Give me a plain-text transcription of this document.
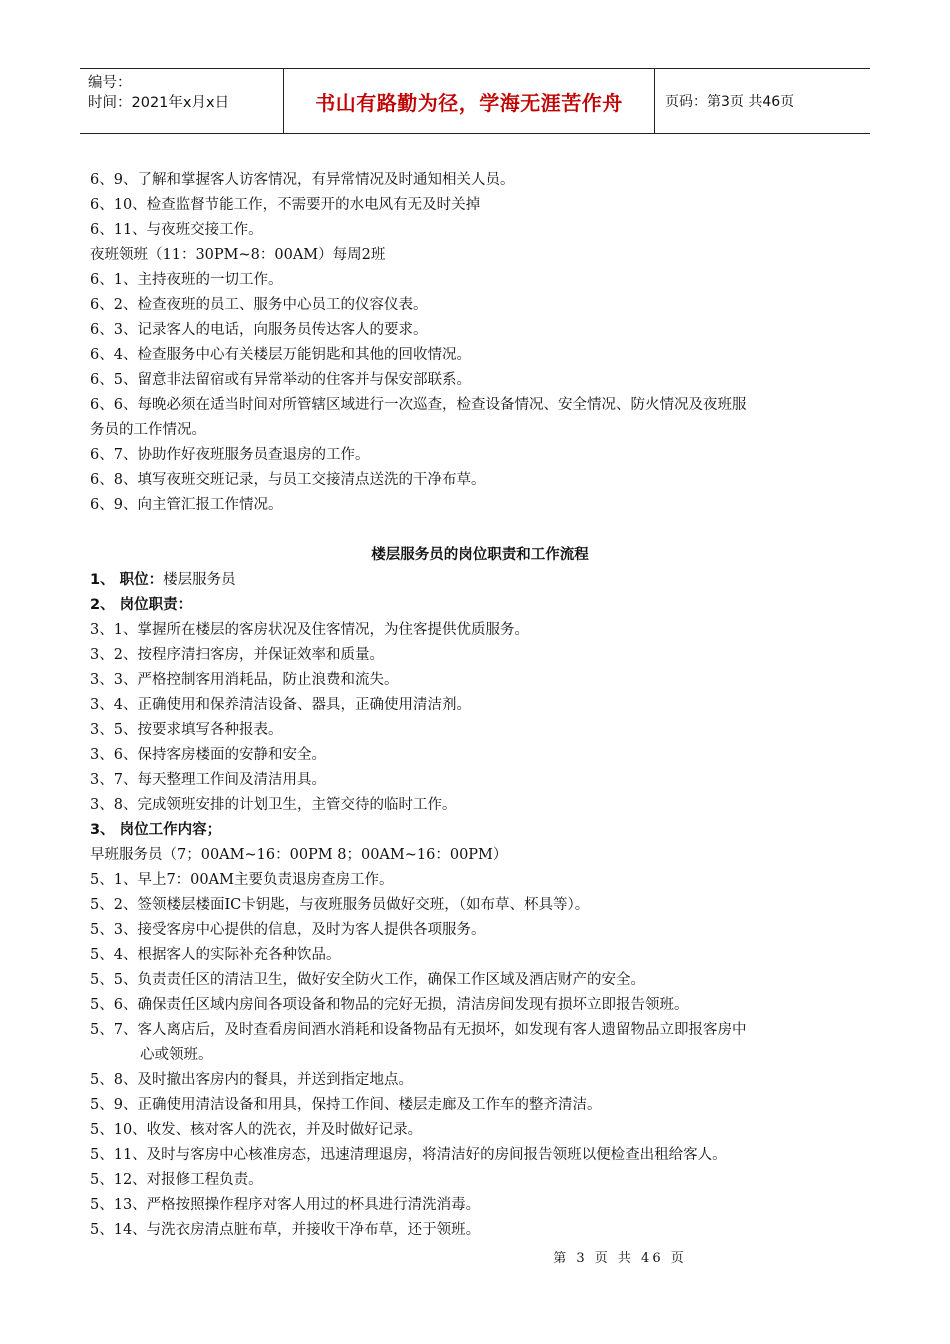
编号：
时间：2021年x月x日	书山有路勤为径，学海无涯苦作舟	页码：第3页 共46页
6、9、了解和掌握客人访客情况，有异常情况及时通知相关人员。
6、10、检查监督节能工作，不需要开的水电风有无及时关掉
6、11、与夜班交接工作。
夜班领班（11：30PM~8：00AM）每周2班
6、1、主持夜班的一切工作。
6、2、检查夜班的员工、服务中心员工的仪容仪表。
6、3、记录客人的电话，向服务员传达客人的要求。
6、4、检查服务中心有关楼层万能钥匙和其他的回收情况。
6、5、留意非法留宿或有异常举动的住客并与保安部联系。
6、6、每晚必须在适当时间对所管辖区域进行一次巡查，检查设备情况、安全情况、防火情况及夜班服
务员的工作情况。
6、7、协助作好夜班服务员查退房的工作。
6、8、填写夜班交班记录，与员工交接清点送洗的干净布草。
6、9、向主管汇报工作情况。
楼层服务员的岗位职责和工作流程
1、 职位：楼层服务员
2、 岗位职责：
3、1、掌握所在楼层的客房状况及住客情况，为住客提供优质服务。
3、2、按程序清扫客房，并保证效率和质量。
3、3、严格控制客用消耗品，防止浪费和流失。
3、4、正确使用和保养清洁设备、器具，正确使用清洁剂。
3、5、按要求填写各种报表。
3、6、保持客房楼面的安静和安全。
3、7、每天整理工作间及清洁用具。
3、8、完成领班安排的计划卫生，主管交待的临时工作。
3、 岗位工作内容；
早班服务员（7；00AM~16：00PM 8；00AM~16：00PM）
5、1、早上7：00AM主要负责退房查房工作。
5、2、签领楼层楼面IC卡钥匙，与夜班服务员做好交班，（如布草、杯具等）。
5、3、接受客房中心提供的信息，及时为客人提供各项服务。
5、4、根据客人的实际补充各种饮品。
5、5、负责责任区的清洁卫生，做好安全防火工作，确保工作区域及酒店财产的安全。
5、6、确保责任区域内房间各项设备和物品的完好无损，清洁房间发现有损坏立即报告领班。
5、7、客人离店后，及时查看房间酒水消耗和设备物品有无损坏，如发现有客人遗留物品立即报客房中
心或领班。
5、8、及时撤出客房内的餐具，并送到指定地点。
5、9、正确使用清洁设备和用具，保持工作间、楼层走廊及工作车的整齐清洁。
5、10、收发、核对客人的洗衣，并及时做好记录。
5、11、及时与客房中心核准房态，迅速清理退房，将清洁好的房间报告领班以便检查出租给客人。
5、12、对报修工程负责。
5、13、严格按照操作程序对客人用过的杯具进行清洗消毒。
5、14、与洗衣房清点脏布草，并接收干净布草，还于领班。
第 3 页 共 46 页
